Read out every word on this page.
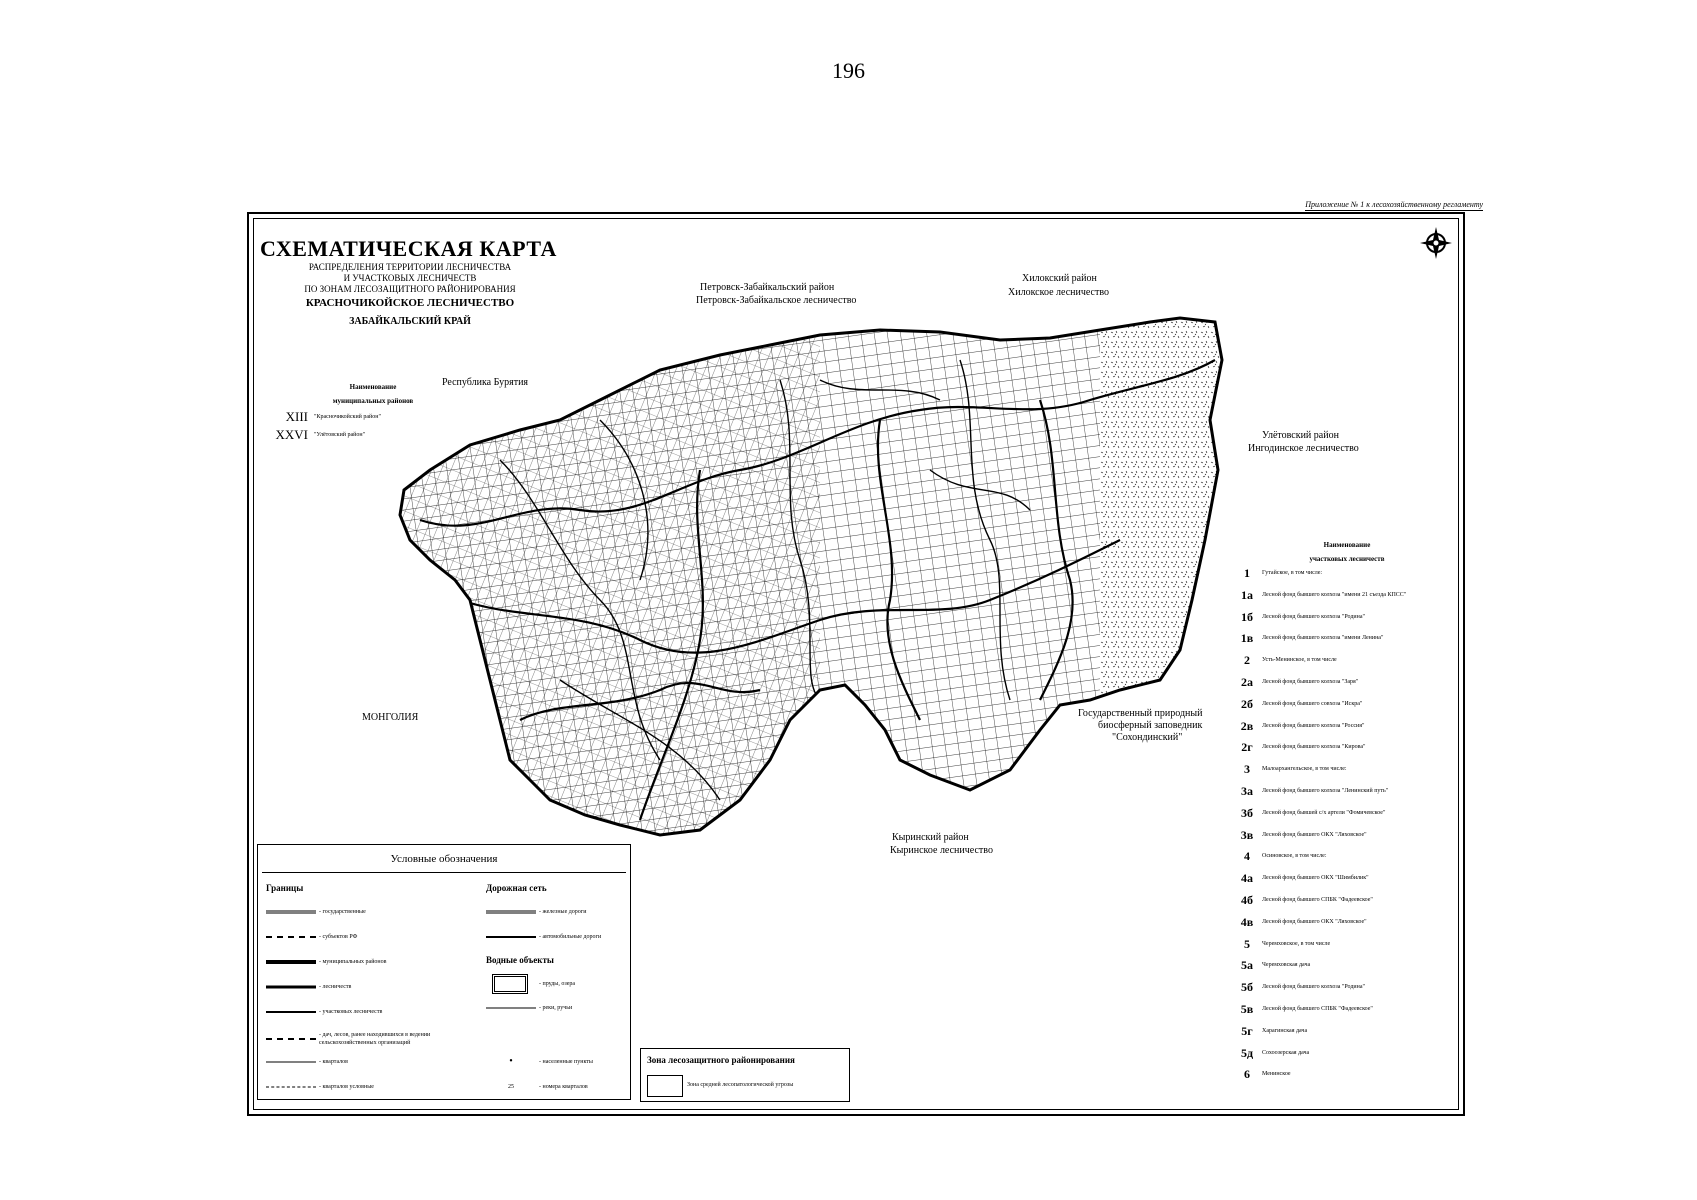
196
Приложение № 1 к лесохозяйственному регламенту
СХЕМАТИЧЕСКАЯ КАРТА
РАСПРЕДЕЛЕНИЯ ТЕРРИТОРИИ ЛЕСНИЧЕСТВА
И УЧАСТКОВЫХ ЛЕСНИЧЕСТВ
ПО ЗОНАМ ЛЕСОЗАЩИТНОГО РАЙОНИРОВАНИЯ
КРАСНОЧИКОЙСКОЕ ЛЕСНИЧЕСТВО
ЗАБАЙКАЛЬСКИЙ КРАЙ
Республика Бурятия
Петровск-Забайкальский район
Петровск-Забайкальское лесничество
Хилокский район
Хилокское лесничество
Улётовский район
Ингодинское лесничество
МОНГОЛИЯ	Государственный природный
биосферный заповедник
"Сохондинский"
Кыринский район
Кыринское лесничество
Наименование
муниципальных районов
XIII	"Красночикойский район"
XXVI	"Улётовский район"
Наименование
участковых лесничеств
1	Гутайское, в том числе:
1а	Лесной фонд бывшего колхоза "имени 21 съезда КПСС"
1б	Лесной фонд бывшего колхоза "Родина"
1в	Лесной фонд бывшего колхоза "имени Ленина"
2	Усть-Менинское, в том числе
2а	Лесной фонд бывшего колхоза "Заря"
2б	Лесной фонд бывшего совхоза "Искра"
2в	Лесной фонд бывшего колхоза "Россия"
2г	Лесной фонд бывшего колхоза "Кирова"
3	Малоархангельское, в том числе:
3а	Лесной фонд бывшего колхоза "Ленинский путь"
3б	Лесной фонд бывшей с/х артели "Фомичевское"
3в	Лесной фонд бывшего ОКХ "Ляховское"
4	Осиновское, в том числе:
4а	Лесной фонд бывшего ОКХ "Шимбилик"
4б	Лесной фонд бывшего СПБК "Фадеевское"
4в	Лесной фонд бывшего ОКХ "Ляховское"
5	Черемховское, в том числе
5а	Черемховская дача
5б	Лесной фонд бывшего колхоза "Родина"
5в	Лесной фонд бывшего СПБК "Фадеевское"
5г	Харагинская дача
5д	Сохоозерская дача
6	Менинское
Условные обозначения
Границы	Дорожная сеть
Водные объекты
- государственные
- субъектов РФ
- муниципальных районов
- лесничеств
- участковых лесничеств
- дач, лесов, ранее находившихся в ведении сельскохозяйственных организаций
- кварталов
- кварталов условные
- железные дороги
- автомобильные дороги
- пруды, озера
- реки, ручьи
•	- населенные пункты
25	- номера кварталов
Зона лесозащитного районирования
Зона средней лесопатологической угрозы
